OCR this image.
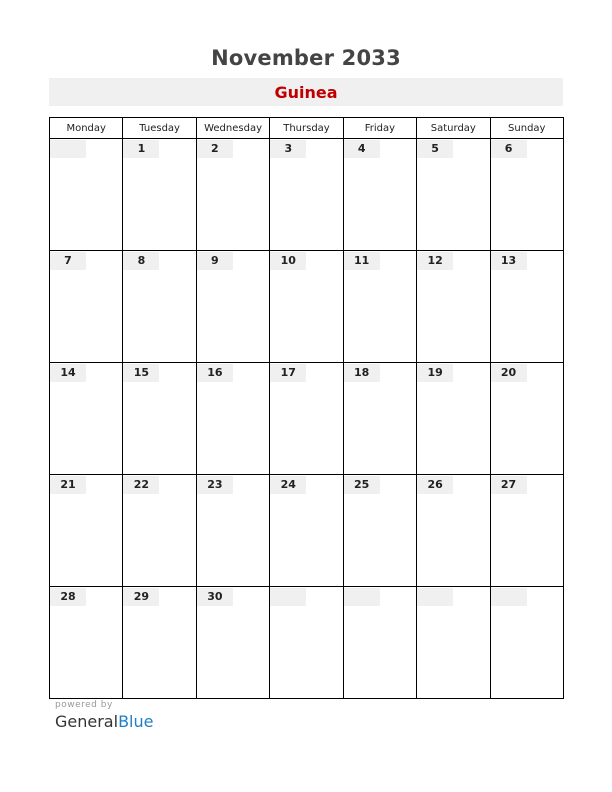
November 2033
Guinea
Monday	Tuesday	Wednesday	Thursday	Friday	Saturday	Sunday

	1	2	3	4	5	6

7	8	9	10	11	12	13

14	15	16	17	18	19	20

21	22	23	24	25	26	27

28	29	30				

powered by
GeneralBlue
